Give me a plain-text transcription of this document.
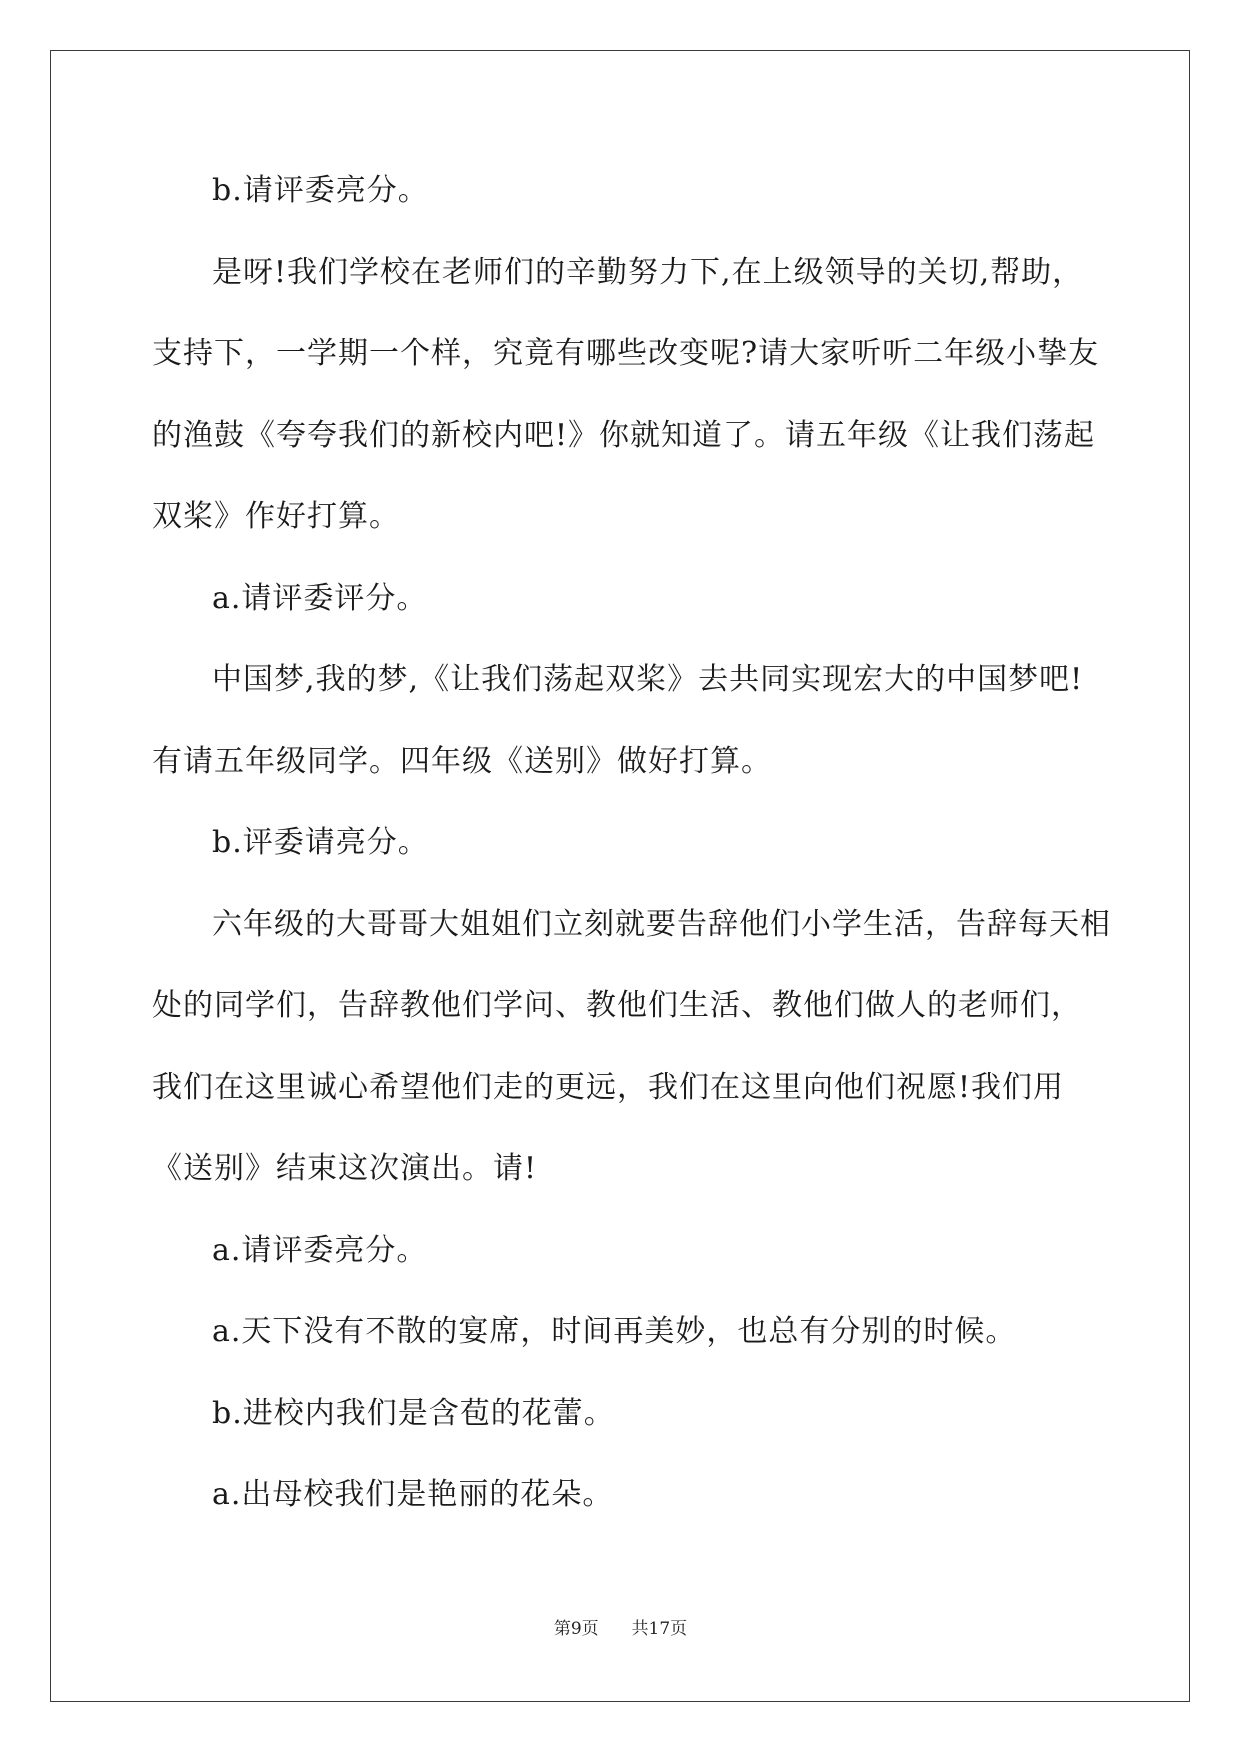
b.请评委亮分。

是呀!我们学校在老师们的辛勤努力下,在上级领导的关切,帮助，支持下，一学期一个样，究竟有哪些改变呢?请大家听听二年级小挚友的渔鼓《夸夸我们的新校内吧!》你就知道了。请五年级《让我们荡起双桨》作好打算。

a.请评委评分。

中国梦,我的梦,《让我们荡起双桨》去共同实现宏大的中国梦吧!有请五年级同学。四年级《送别》做好打算。

b.评委请亮分。

六年级的大哥哥大姐姐们立刻就要告辞他们小学生活，告辞每天相处的同学们，告辞教他们学问、教他们生活、教他们做人的老师们，我们在这里诚心希望他们走的更远，我们在这里向他们祝愿!我们用《送别》结束这次演出。请!

a.请评委亮分。

a.天下没有不散的宴席，时间再美妙，也总有分别的时候。

b.进校内我们是含苞的花蕾。

a.出母校我们是艳丽的花朵。

第9页 共17页
